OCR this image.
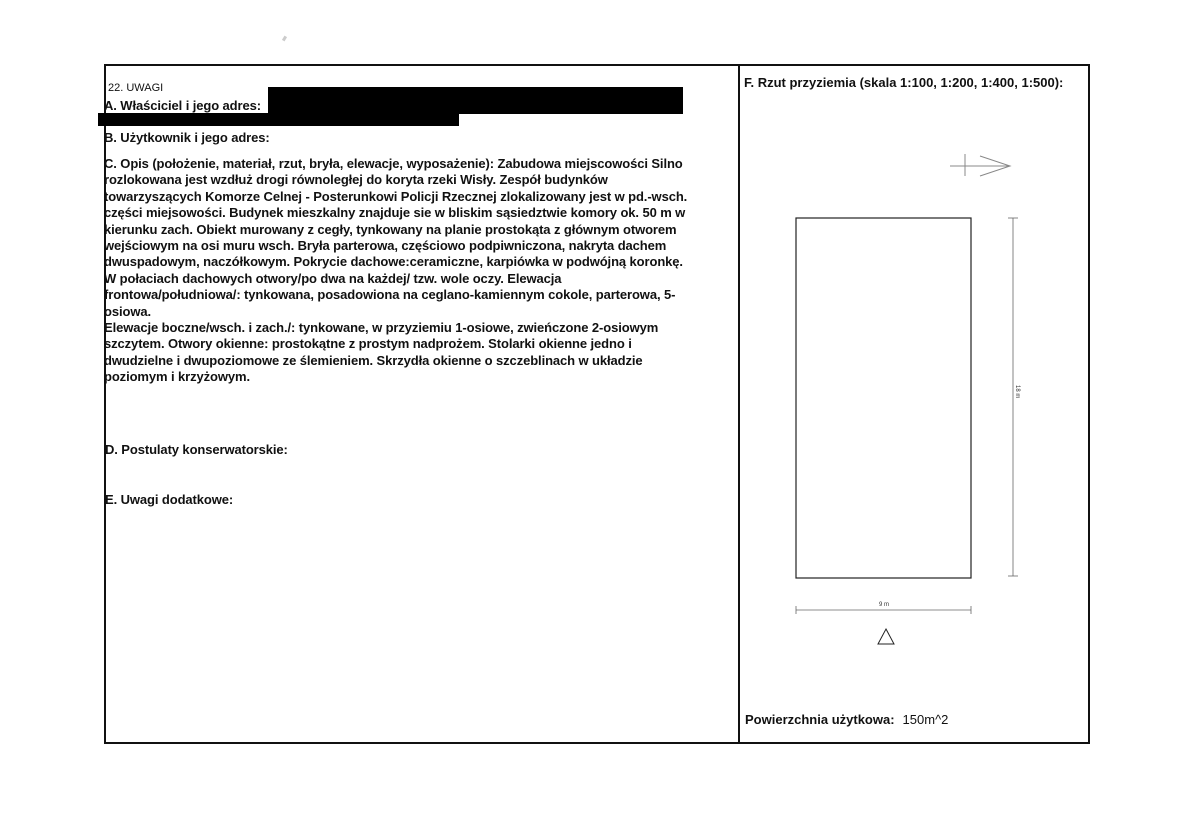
22. UWAGI
A. Właściciel i jego adres:
B. Użytkownik i jego adres:
C. Opis (położenie, materiał, rzut, bryła, elewacje, wyposażenie): Zabudowa miejscowości Silno
rozlokowana jest wzdłuż drogi równoległej do koryta rzeki Wisły. Zespół budynków
towarzyszących Komorze Celnej - Posterunkowi Policji Rzecznej zlokalizowany jest w pd.-wsch.
części miejsowości. Budynek mieszkalny znajduje sie w bliskim sąsiedztwie komory ok. 50 m w
kierunku zach. Obiekt murowany z cegły, tynkowany na planie prostokąta z głównym otworem
wejściowym na osi muru wsch. Bryła parterowa, częściowo podpiwniczona, nakryta dachem
dwuspadowym, naczółkowym. Pokrycie dachowe:ceramiczne, karpiówka w podwójną koronkę.
W połaciach dachowych otwory/po dwa na każdej/ tzw. wole oczy. Elewacja
frontowa/południowa/: tynkowana, posadowiona na ceglano-kamiennym cokole, parterowa, 5-
osiowa.
Elewacje boczne/wsch. i zach./: tynkowane, w przyziemiu 1-osiowe, zwieńczone 2-osiowym
szczytem. Otwory okienne: prostokątne z prostym nadprożem. Stolarki okienne jedno i
dwudzielne i dwupoziomowe ze ślemieniem. Skrzydła okienne o szczeblinach w układzie
poziomym i krzyżowym.
D. Postulaty konserwatorskie:
E. Uwagi dodatkowe:
F. Rzut przyziemia (skala 1:100, 1:200, 1:400, 1:500):
18 m
9 m
Powierzchnia użytkowa: 150m^2
